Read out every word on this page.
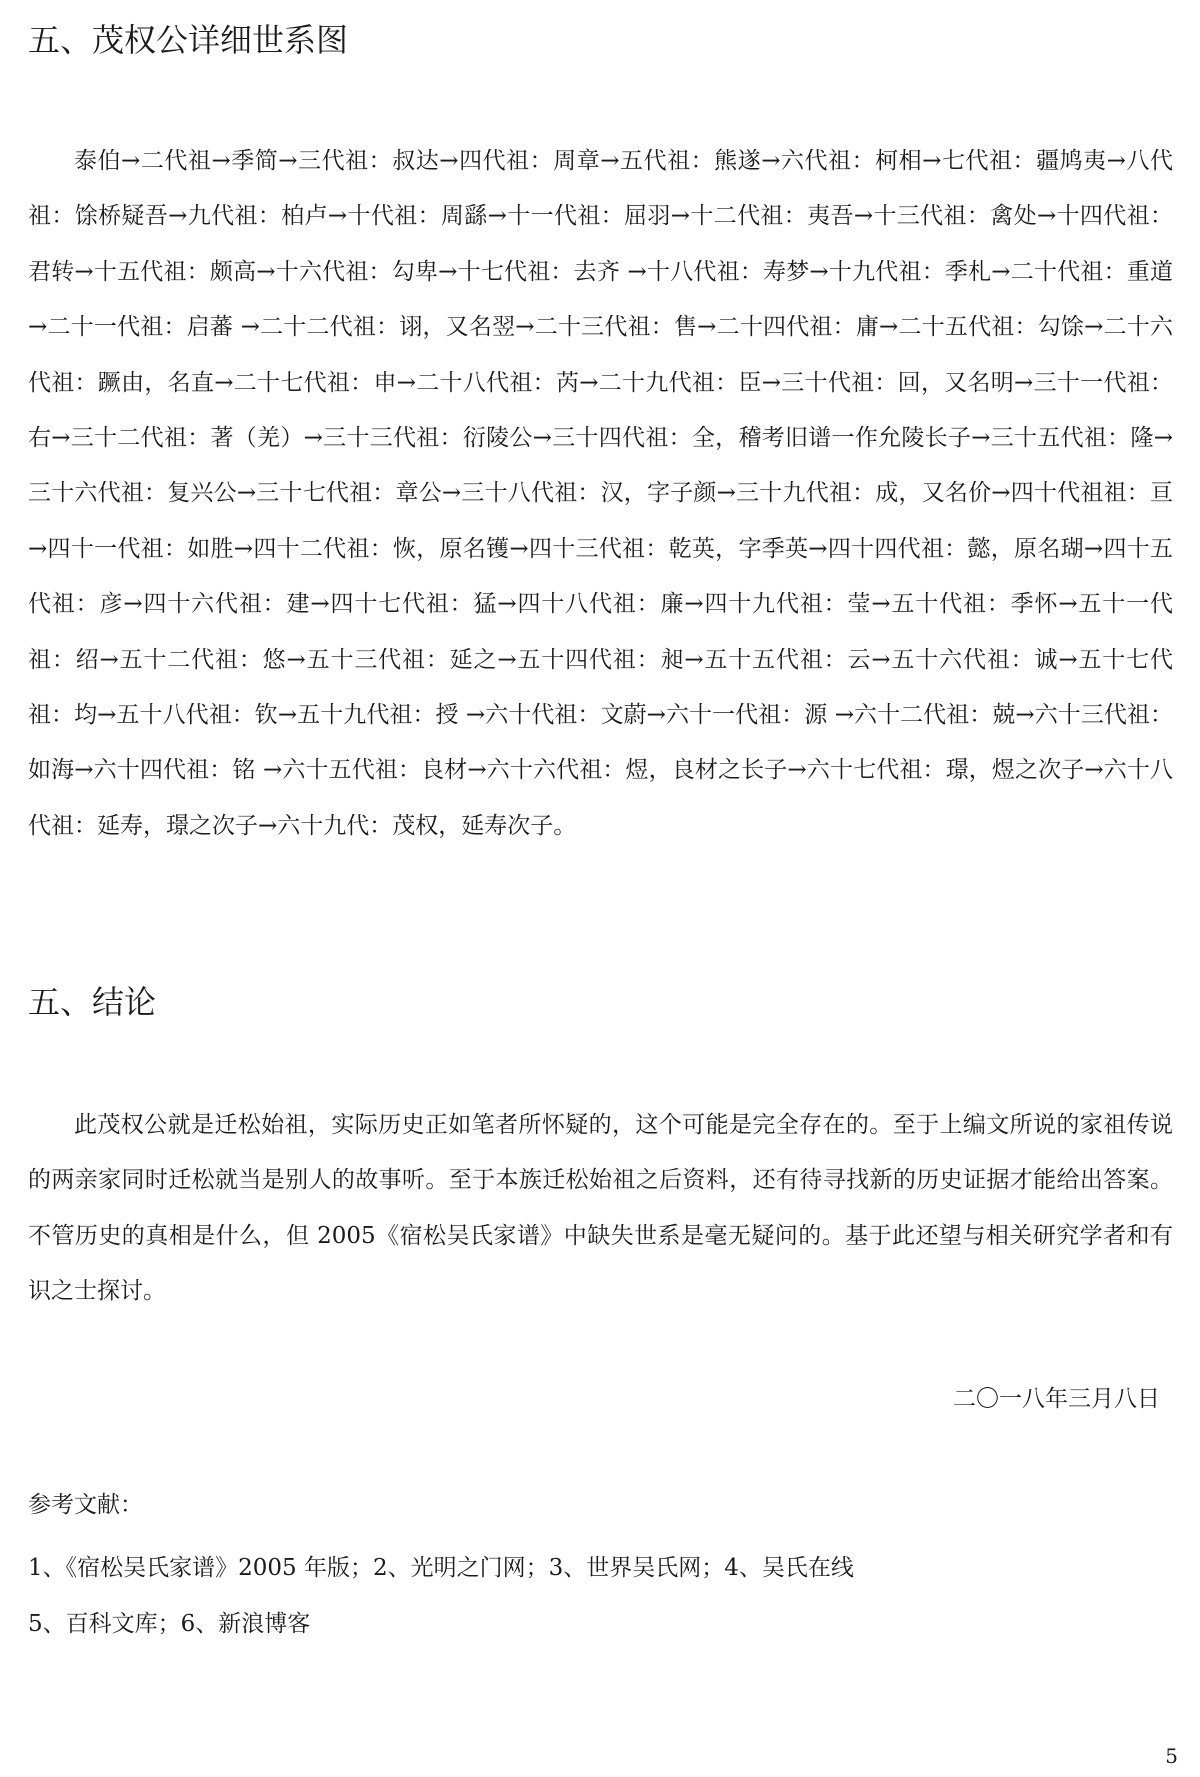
五、茂权公详细世系图

泰伯→二代祖→季简→三代祖：叔达→四代祖：周章→五代祖：熊遂→六代祖：柯相→七代祖：疆鸠夷→八代祖：馀桥疑吾→九代祖：柏卢→十代祖：周繇→十一代祖：屈羽→十二代祖：夷吾→十三代祖：禽处→十四代祖：君转→十五代祖：颇高→十六代祖：勾卑→十七代祖：去齐 →十八代祖：寿梦→十九代祖：季札→二十代祖：重道→二十一代祖：启蕃 →二十二代祖：诩，又名翌→二十三代祖：售→二十四代祖：庸→二十五代祖：勾馀→二十六代祖：蹶由，名直→二十七代祖：申→二十八代祖：芮→二十九代祖：臣→三十代祖：回，又名明→三十一代祖：右→三十二代祖：著（羌）→三十三代祖：衍陵公→三十四代祖：全，稽考旧谱一作允陵长子→三十五代祖：隆→三十六代祖：复兴公→三十七代祖：章公→三十八代祖：汉，字子颜→三十九代祖：成，又名价→四十代祖祖：亘→四十一代祖：如胜→四十二代祖：恢，原名镬→四十三代祖：乾英，字季英→四十四代祖：懿，原名瑚→四十五代祖：彦→四十六代祖：建→四十七代祖：猛→四十八代祖：廉→四十九代祖：莹→五十代祖：季怀→五十一代祖：绍→五十二代祖：悠→五十三代祖：延之→五十四代祖：昶→五十五代祖：云→五十六代祖：诚→五十七代祖：均→五十八代祖：钦→五十九代祖：授 →六十代祖：文蔚→六十一代祖：源 →六十二代祖：兢→六十三代祖：如海→六十四代祖：铭 →六十五代祖：良材→六十六代祖：煜，良材之长子→六十七代祖：璟，煜之次子→六十八代祖：延寿，璟之次子→六十九代：茂权，延寿次子。

五、结论

此茂权公就是迁松始祖，实际历史正如笔者所怀疑的，这个可能是完全存在的。至于上编文所说的家祖传说的两亲家同时迁松就当是别人的故事听。至于本族迁松始祖之后资料，还有待寻找新的历史证据才能给出答案。不管历史的真相是什么，但 2005《宿松吴氏家谱》中缺失世系是毫无疑问的。基于此还望与相关研究学者和有识之士探讨。

二〇一八年三月八日
参考文献：
1、《宿松吴氏家谱》2005 年版；2、光明之门网；3、世界吴氏网；4、吴氏在线
5、百科文库；6、新浪博客
5
